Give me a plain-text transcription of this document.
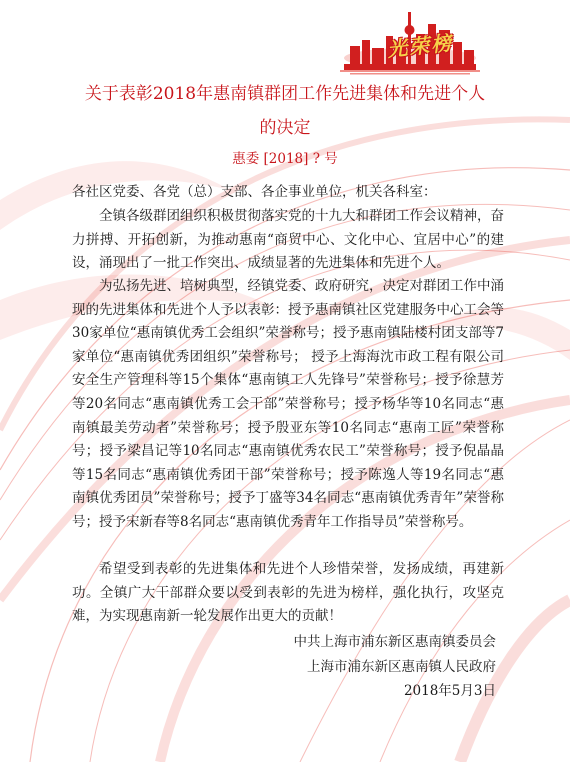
光荣榜
关于表彰2018年惠南镇群团工作先进集体和先进个人
的决定
惠委 [2018] ? 号
各社区党委、各党（总）支部、各企事业单位，机关各科室：

全镇各级群团组织积极贯彻落实党的十九大和群团工作会议精神，奋力拼搏、开拓创新，为推动惠南“商贸中心、文化中心、宜居中心”的建设，涌现出了一批工作突出、成绩显著的先进集体和先进个人。

为弘扬先进、培树典型，经镇党委、政府研究，决定对群团工作中涌现的先进集体和先进个人予以表彰：授予惠南镇社区党建服务中心工会等30家单位“惠南镇优秀工会组织”荣誉称号；授予惠南镇陆楼村团支部等7家单位“惠南镇优秀团组织”荣誉称号； 授予上海海沈市政工程有限公司安全生产管理科等15个集体“惠南镇工人先锋号”荣誉称号；授予徐慧芳等20名同志“惠南镇优秀工会干部”荣誉称号；授予杨华等10名同志“惠南镇最美劳动者”荣誉称号；授予殷亚东等10名同志“惠南工匠”荣誉称号；授予梁昌记等10名同志“惠南镇优秀农民工”荣誉称号；授予倪晶晶等15名同志“惠南镇优秀团干部”荣誉称号；授予陈逸人等19名同志“惠南镇优秀团员”荣誉称号；授予丁盛等34名同志“惠南镇优秀青年”荣誉称号；授予宋新春等8名同志“惠南镇优秀青年工作指导员”荣誉称号。

希望受到表彰的先进集体和先进个人珍惜荣誉，发扬成绩，再建新功。全镇广大干部群众要以受到表彰的先进为榜样，强化执行，攻坚克难，为实现惠南新一轮发展作出更大的贡献！

中共上海市浦东新区惠南镇委员会
上海市浦东新区惠南镇人民政府
2018年5月3日
